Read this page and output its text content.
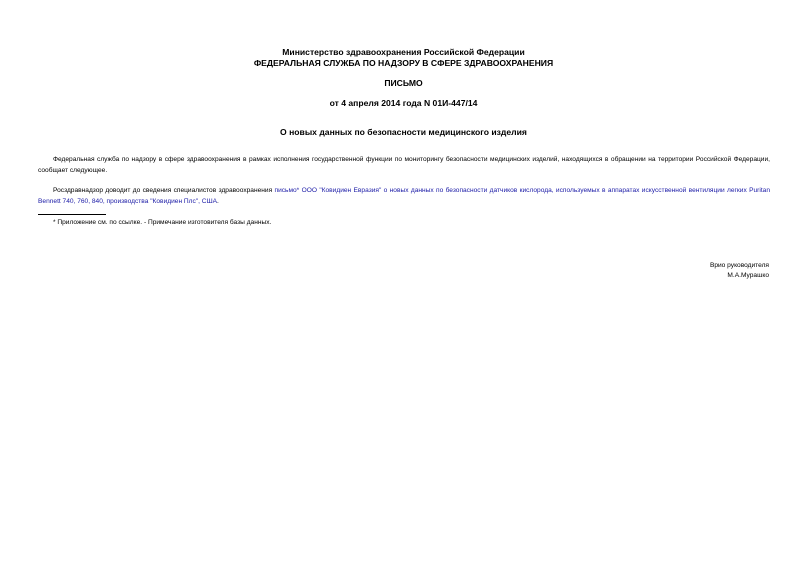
Министерство здравоохранения Российской Федерации
ФЕДЕРАЛЬНАЯ СЛУЖБА ПО НАДЗОРУ В СФЕРЕ ЗДРАВООХРАНЕНИЯ
ПИСЬМО
от 4 апреля 2014 года N 01И-447/14
О новых данных по безопасности медицинского изделия
Федеральная служба по надзору в сфере здравоохранения в рамках исполнения государственной функции по мониторингу безопасности медицинских изделий, находящихся в обращении на территории Российской Федерации, сообщает следующее.
Росздравнадзор доводит до сведения специалистов здравоохранения письмо* ООО "Ковидиен Евразия" о новых данных по безопасности датчиков кислорода, используемых в аппаратах искусственной вентиляции легких Puritan Bennett 740, 760, 840, производства "Ковидиен Плс", США.
* Приложение см. по ссылке. - Примечание изготовителя базы данных.
Врио руководителя
М.А.Мурашко
